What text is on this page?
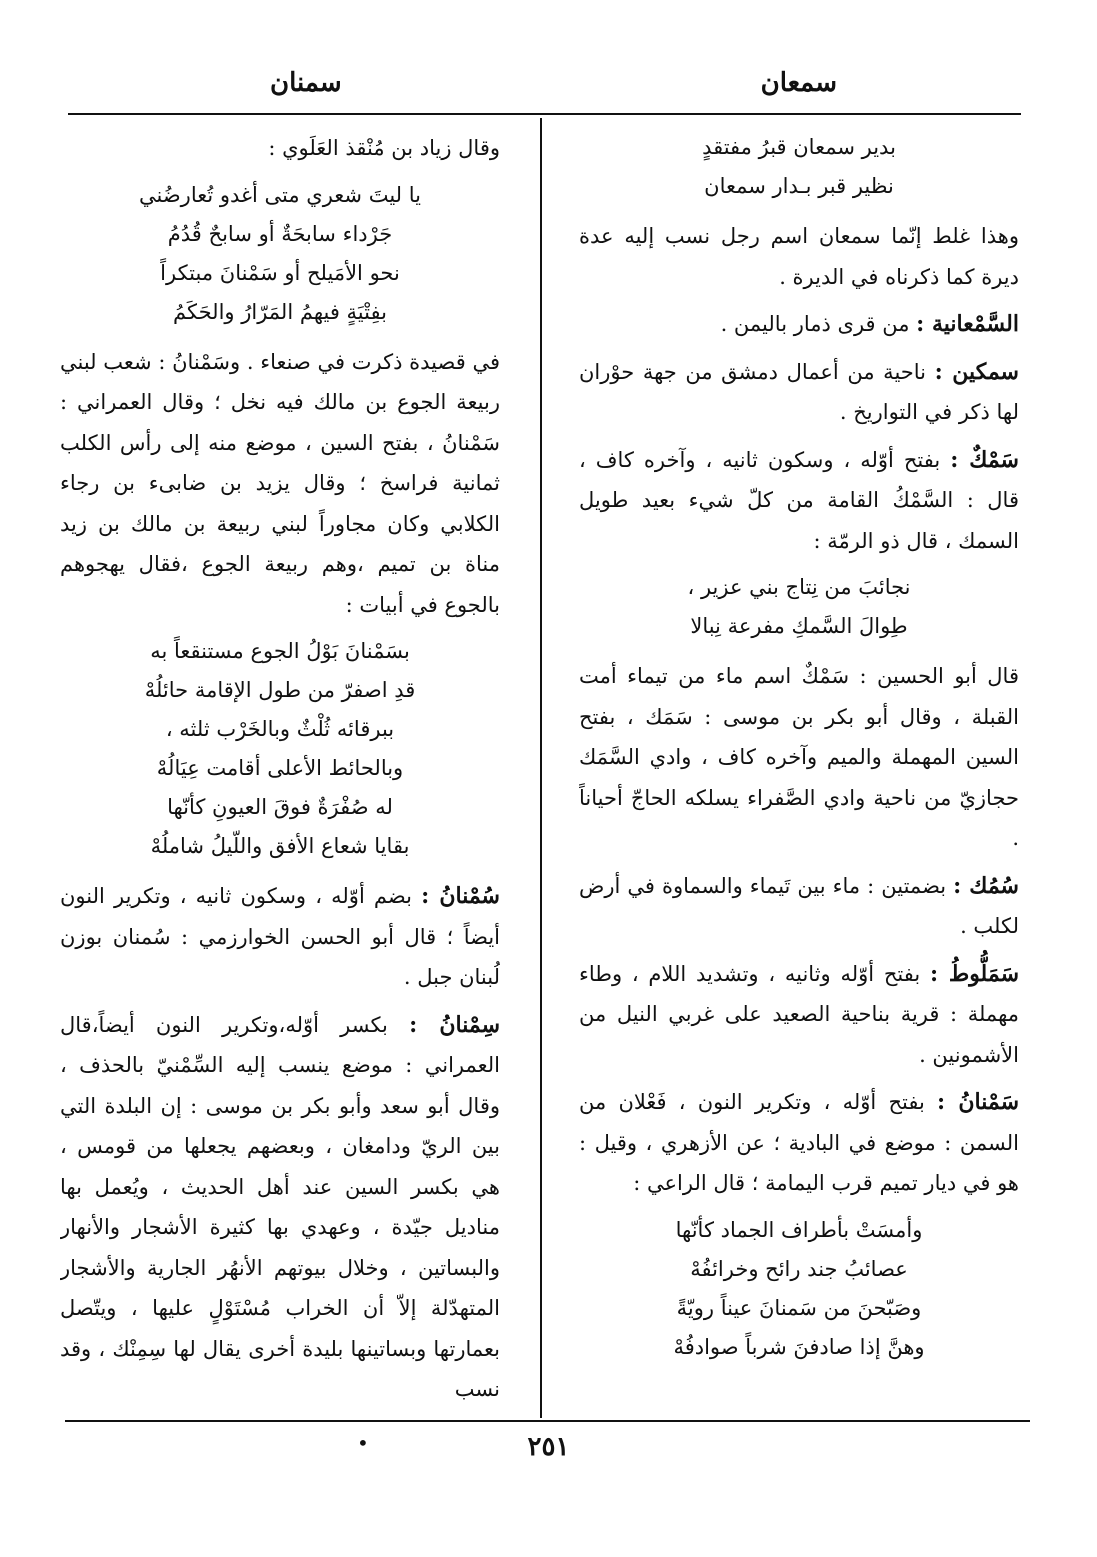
سمعان
سمنان
بدير سمعان قبرُ مفتقدٍ
نظير قبر بـدار سمعان

وهذا غلط إنّما سمعان اسم رجل نسب إليه عدة ديرة كما ذكرناه في الديرة .

السَّمْعانية : من قرى ذمار باليمن .

سمكين : ناحية من أعمال دمشق من جهة حوْران لها ذكر في التواريخ .

سَمْكٌ : بفتح أوّله ، وسكون ثانيه ، وآخره كاف ، قال : السَّمْكُ القامة من كلّ شيء بعيد طويل السمك ، قال ذو الرمّة :

نجائبَ من نِتاج بني عزير ،
طِوالَ السَّمكِ مفرعة نِبالا

قال أبو الحسين : سَمْكٌ اسم ماء من تيماء أمت القبلة ، وقال أبو بكر بن موسى : سَمَك ، بفتح السين المهملة والميم وآخره كاف ، وادي السَّمَك حجازيّ من ناحية وادي الصَّفراء يسلكه الحاجّ أحياناً .

سُمُك : بضمتين : ماء بين تَيماء والسماوة في أرض لكلب .

سَمَلُّوطُ : بفتح أوّله وثانيه ، وتشديد اللام ، وطاء مهملة : قرية بناحية الصعيد على غربي النيل من الأشمونين .

سَمْنانُ : بفتح أوّله ، وتكرير النون ، فَعْلان من السمن : موضع في البادية ؛ عن الأزهري ، وقيل : هو في ديار تميم قرب اليمامة ؛ قال الراعي :

وأمسَتْ بأطراف الجماد كأنّها
عصائبُ جند رائح وخرائفُهْ
وصَبّحنَ من سَمنانَ عيناً رويّةً
وهنَّ إذا صادفنَ شرباً صوادفُهْ

وقال زياد بن مُنْقذ العَلَوي :

يا ليتَ شعري متى أغدو تُعارضُني
جَرْداء سابحَةٌ أو سابحٌ قُدُمُ
نحو الأمَيلح أو سَمْنانَ مبتكراً
بفِتْيَةٍ فيهمُ المَرّارُ والحَكَمُ

في قصيدة ذكرت في صنعاء . وسَمْنانُ : شعب لبني ربيعة الجوع بن مالك فيه نخل ؛ وقال العمراني : سَمْنانُ ، بفتح السين ، موضع منه إلى رأس الكلب ثمانية فراسخ ؛ وقال يزيد بن ضابىء بن رجاء الكلابي وكان مجاوراً لبني ربيعة بن مالك بن زيد مناة بن تميم ،وهم ربيعة الجوع ،فقال يهجوهم بالجوع في أبيات :

بسَمْنانَ بَوْلُ الجوع مستنقعاً به
قدِ اصفرّ من طول الإقامة حائلُهْ
ببرقائه ثُلْثٌ وبالخَرْب ثلثه ،
وبالحائط الأعلى أقامت عِيَالُهْ
له صُفْرَةٌ فوقَ العيونِ كأنّها
بقايا شعاع الأفق واللّيلُ شاملُهْ

سُمْنانُ : بضم أوّله ، وسكون ثانيه ، وتكرير النون أيضاً ؛ قال أبو الحسن الخوارزمي : سُمنان بوزن لُبنان جبل .

سِمْنانُ : بكسر أوّله،وتكرير النون أيضاً،قال العمراني : موضع ينسب إليه السِّمْنيّ بالحذف ، وقال أبو سعد وأبو بكر بن موسى : إن البلدة التي بين الريّ ودامغان ، وبعضهم يجعلها من قومس ، هي بكسر السين عند أهل الحديث ، ويُعمل بها مناديل جيّدة ، وعهدي بها كثيرة الأشجار والأنهار والبساتين ، وخلال بيوتهم الأنهُر الجارية والأشجار المتهدّلة إلاّ أن الخراب مُسْتَوْلٍ عليها ، ويتّصل بعمارتها وبساتينها بليدة أخرى يقال لها سِمِنْك ، وقد نسب

•	٢٥١
